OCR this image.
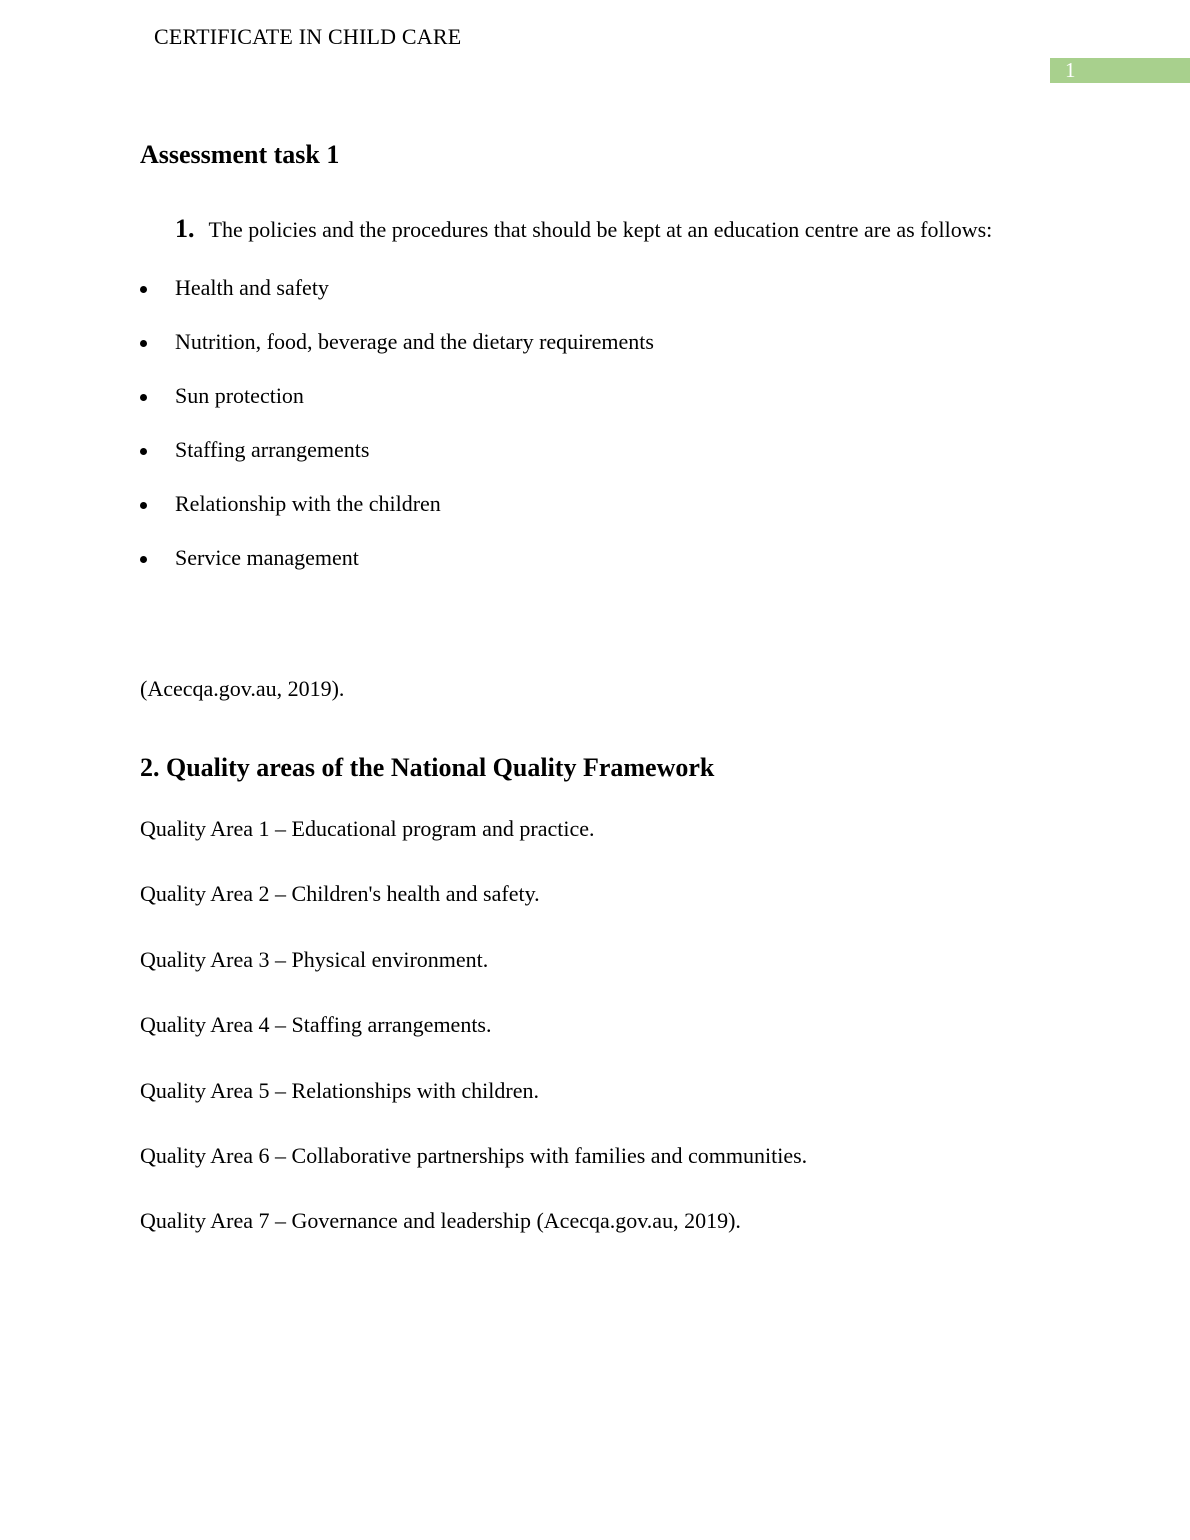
CERTIFICATE IN CHILD CARE
1
Assessment task 1
1. The policies and the procedures that should be kept at an education centre are as follows:
Health and safety
Nutrition, food, beverage and the dietary requirements
Sun protection
Staffing arrangements
Relationship with the children
Service management
(Acecqa.gov.au, 2019).
2. Quality areas of the National Quality Framework
Quality Area 1 – Educational program and practice.
Quality Area 2 – Children's health and safety.
Quality Area 3 – Physical environment.
Quality Area 4 – Staffing arrangements.
Quality Area 5 – Relationships with children.
Quality Area 6 – Collaborative partnerships with families and communities.
Quality Area 7 – Governance and leadership (Acecqa.gov.au, 2019).
